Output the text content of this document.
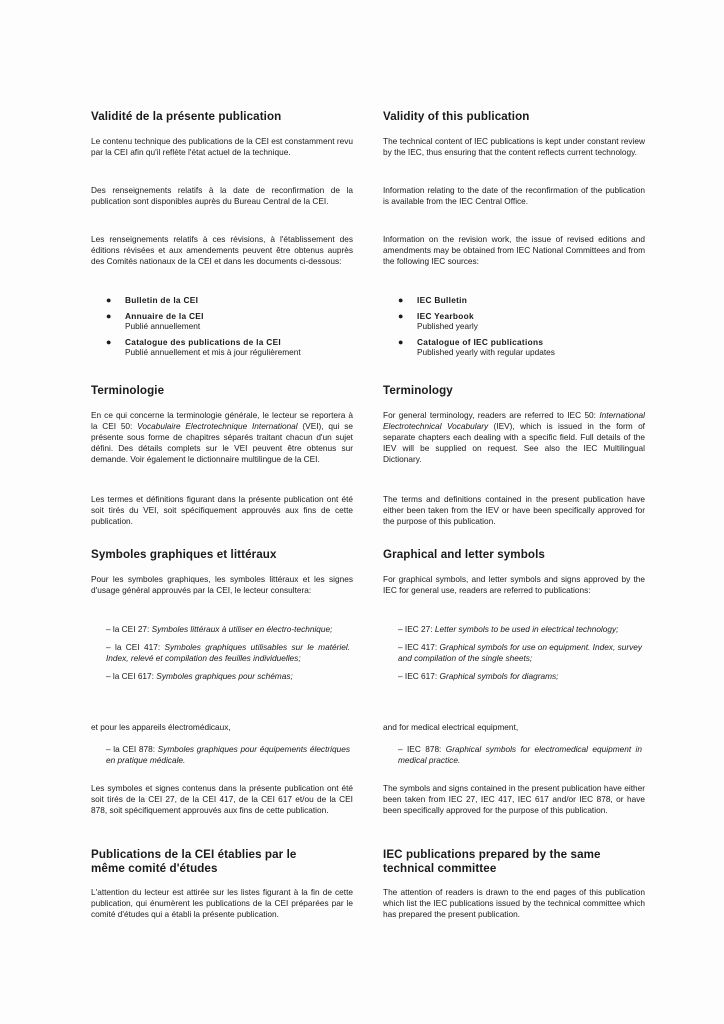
Validité de la présente publication

Le contenu technique des publications de la CEI est constamment revu par la CEI afin qu'il reflète l'état actuel de la technique.

Des renseignements relatifs à la date de reconfirmation de la publication sont disponibles auprès du Bureau Central de la CEI.

Les renseignements relatifs à ces révisions, à l'établissement des éditions révisées et aux amendements peuvent être obtenus auprès des Comités nationaux de la CEI et dans les documents ci-dessous:

● Bulletin de la CEI
● Annuaire de la CEI
Publié annuellement
● Catalogue des publications de la CEI
Publié annuellement et mis à jour régulièrement
Terminologie

En ce qui concerne la terminologie générale, le lecteur se reportera à la CEI 50: Vocabulaire Electrotechnique International (VEI), qui se présente sous forme de chapitres séparés traitant chacun d'un sujet défini. Des détails complets sur le VEI peuvent être obtenus sur demande. Voir également le dictionnaire multilingue de la CEI.

Les termes et définitions figurant dans la présente publication ont été soit tirés du VEI, soit spécifiquement approuvés aux fins de cette publication.

Symboles graphiques et littéraux

Pour les symboles graphiques, les symboles littéraux et les signes d'usage général approuvés par la CEI, le lecteur consultera:

– la CEI 27: Symboles littéraux à utiliser en électro-technique;
– la CEI 417: Symboles graphiques utilisables sur le matériel. Index, relevé et compilation des feuilles individuelles;
– la CEI 617: Symboles graphiques pour schémas;

et pour les appareils électromédicaux,

– la CEI 878: Symboles graphiques pour équipements électriques en pratique médicale.

Les symboles et signes contenus dans la présente publication ont été soit tirés de la CEI 27, de la CEI 417, de la CEI 617 et/ou de la CEI 878, soit spécifiquement approuvés aux fins de cette publication.

Publications de la CEI établies par le
même comité d'études

L'attention du lecteur est attirée sur les listes figurant à la fin de cette publication, qui énumèrent les publications de la CEI préparées par le comité d'études qui a établi la présente publication.

Validity of this publication

The technical content of IEC publications is kept under constant review by the IEC, thus ensuring that the content reflects current technology.

Information relating to the date of the reconfirmation of the publication is available from the IEC Central Office.

Information on the revision work, the issue of revised editions and amendments may be obtained from IEC National Committees and from the following IEC sources:

● IEC Bulletin
● IEC Yearbook
Published yearly
● Catalogue of IEC publications
Published yearly with regular updates
Terminology

For general terminology, readers are referred to IEC 50: International Electrotechnical Vocabulary (IEV), which is issued in the form of separate chapters each dealing with a specific field. Full details of the IEV will be supplied on request. See also the IEC Multilingual Dictionary.

The terms and definitions contained in the present publication have either been taken from the IEV or have been specifically approved for the purpose of this publication.

Graphical and letter symbols

For graphical symbols, and letter symbols and signs approved by the IEC for general use, readers are referred to publications:

– IEC 27: Letter symbols to be used in electrical technology;
– IEC 417: Graphical symbols for use on equipment. Index, survey and compilation of the single sheets;
– IEC 617: Graphical symbols for diagrams;

and for medical electrical equipment,

– IEC 878: Graphical symbols for electromedical equipment in medical practice.

The symbols and signs contained in the present publication have either been taken from IEC 27, IEC 417, IEC 617 and/or IEC 878, or have been specifically approved for the purpose of this publication.

IEC publications prepared by the same
technical committee

The attention of readers is drawn to the end pages of this publication which list the IEC publications issued by the technical committee which has prepared the present publication.
